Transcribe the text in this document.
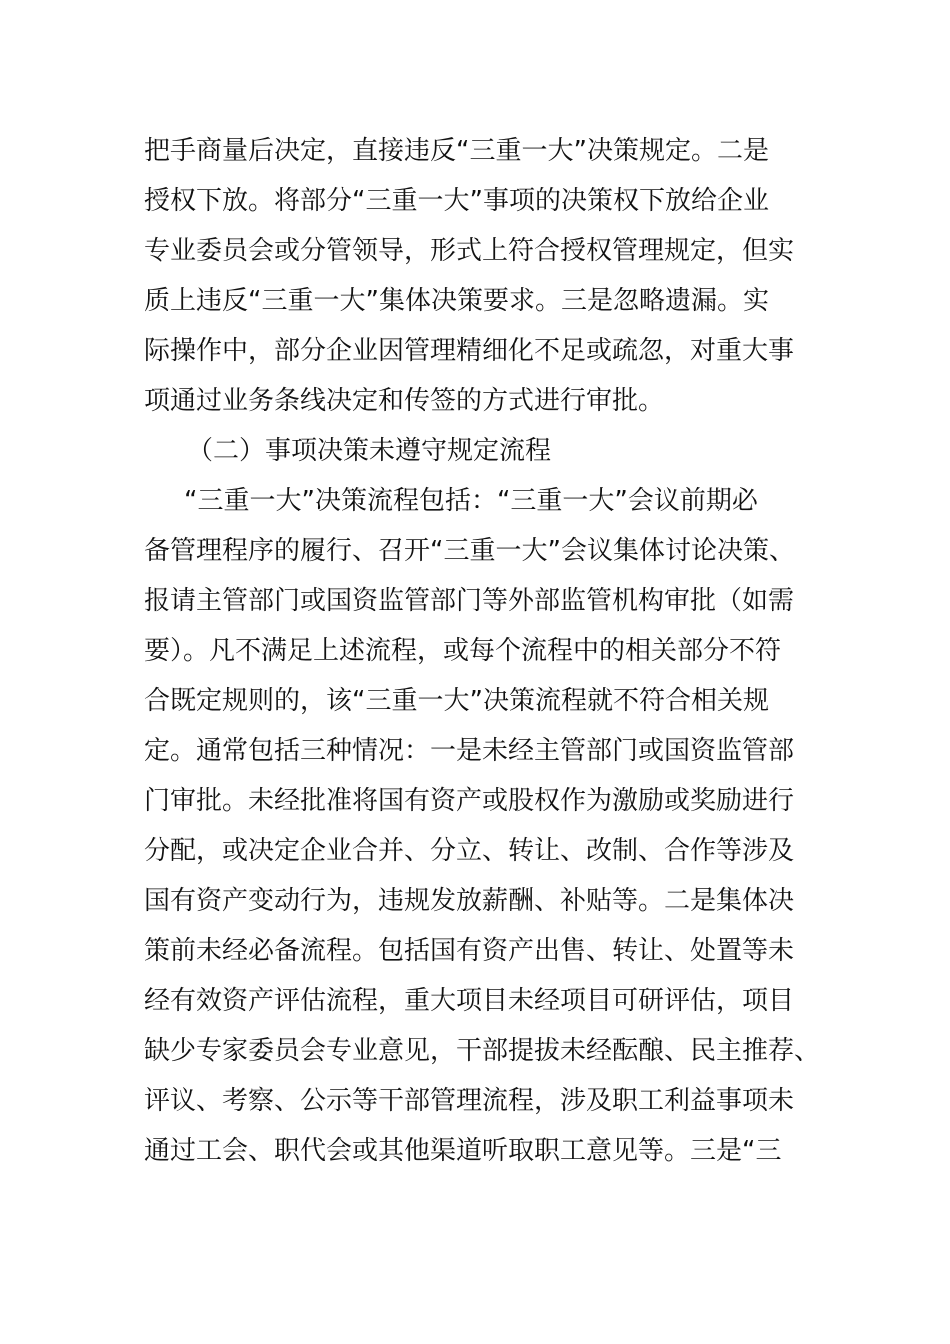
把手商量后决定，直接违反“三重一大”决策规定。二是
授权下放。将部分“三重一大”事项的决策权下放给企业
专业委员会或分管领导，形式上符合授权管理规定，但实
质上违反“三重一大”集体决策要求。三是忽略遗漏。实
际操作中，部分企业因管理精细化不足或疏忽，对重大事
项通过业务条线决定和传签的方式进行审批。
（二）事项决策未遵守规定流程
“三重一大”决策流程包括：“三重一大”会议前期必
备管理程序的履行、召开“三重一大”会议集体讨论决策、
报请主管部门或国资监管部门等外部监管机构审批（如需
要）。凡不满足上述流程，或每个流程中的相关部分不符
合既定规则的，该“三重一大”决策流程就不符合相关规
定。通常包括三种情况：一是未经主管部门或国资监管部
门审批。未经批准将国有资产或股权作为激励或奖励进行
分配，或决定企业合并、分立、转让、改制、合作等涉及
国有资产变动行为，违规发放薪酬、补贴等。二是集体决
策前未经必备流程。包括国有资产出售、转让、处置等未
经有效资产评估流程，重大项目未经项目可研评估，项目
缺少专家委员会专业意见，干部提拔未经酝酿、民主推荐、
评议、考察、公示等干部管理流程，涉及职工利益事项未
通过工会、职代会或其他渠道听取职工意见等。三是“三
